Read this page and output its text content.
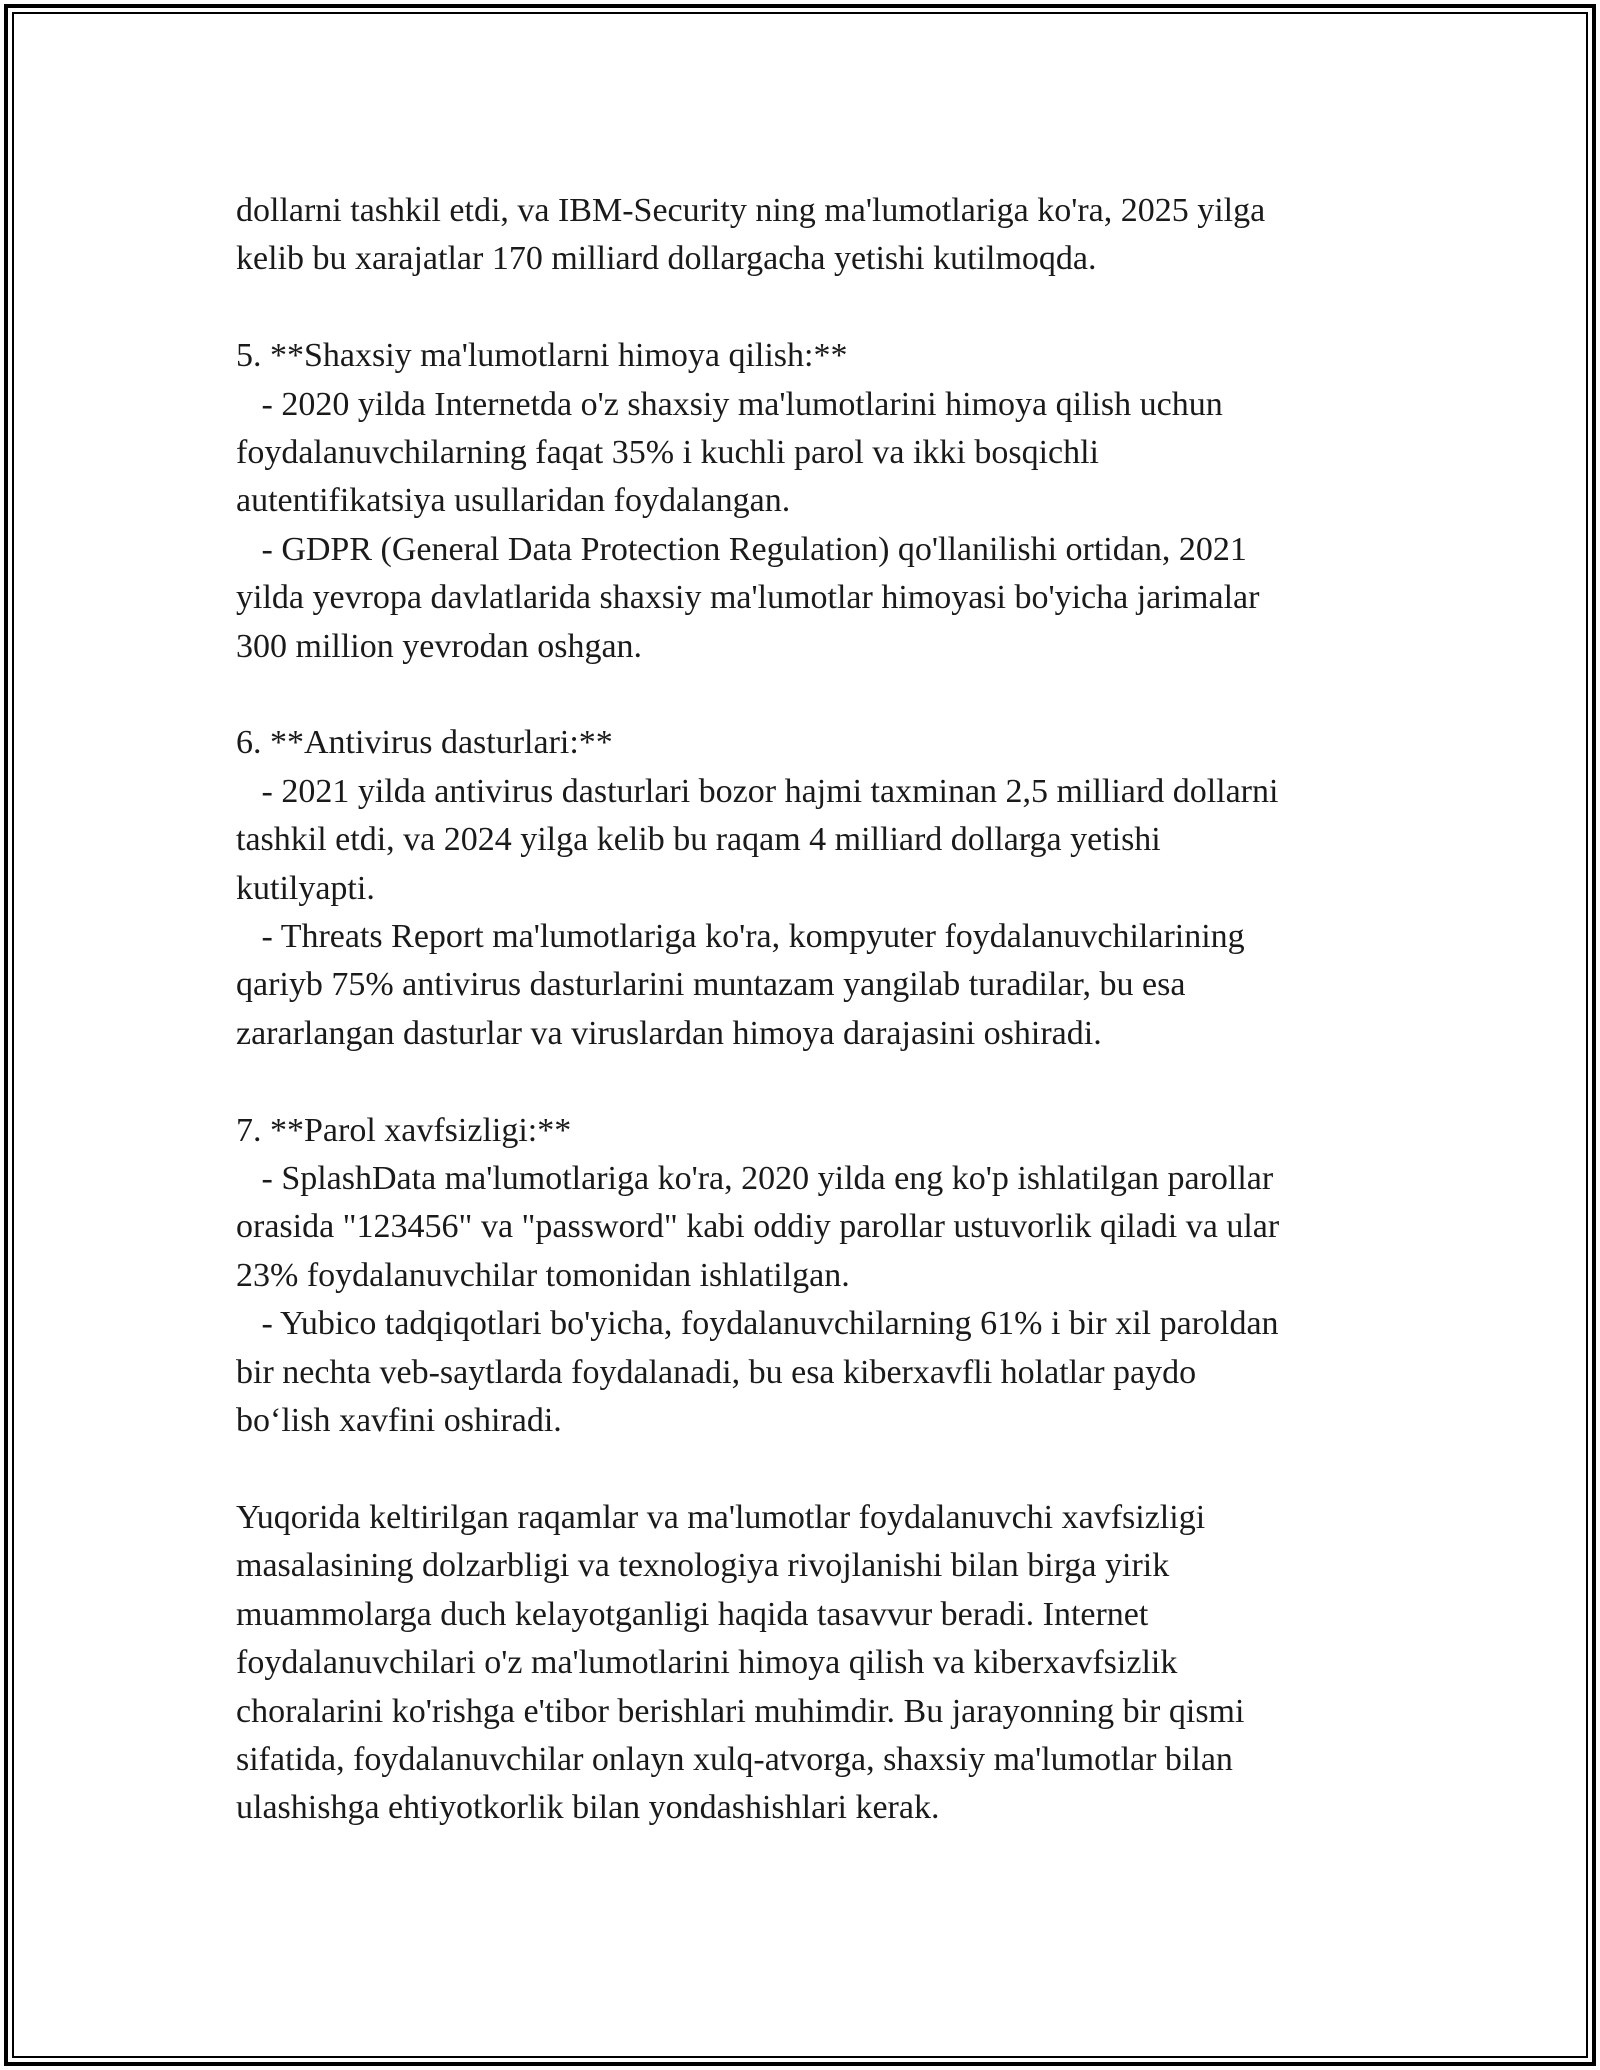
dollarni tashkil etdi, va IBM-Security ning ma'lumotlariga ko'ra, 2025 yilga

kelib bu xarajatlar 170 milliard dollargacha yetishi kutilmoqda.

5. **Shaxsiy ma'lumotlarni himoya qilish:**

- 2020 yilda Internetda o'z shaxsiy ma'lumotlarini himoya qilish uchun

foydalanuvchilarning faqat 35% i kuchli parol va ikki bosqichli

autentifikatsiya usullaridan foydalangan.

- GDPR (General Data Protection Regulation) qo'llanilishi ortidan, 2021

yilda yevropa davlatlarida shaxsiy ma'lumotlar himoyasi bo'yicha jarimalar

300 million yevrodan oshgan.

6. **Antivirus dasturlari:**

- 2021 yilda antivirus dasturlari bozor hajmi taxminan 2,5 milliard dollarni

tashkil etdi, va 2024 yilga kelib bu raqam 4 milliard dollarga yetishi

kutilyapti.

- Threats Report ma'lumotlariga ko'ra, kompyuter foydalanuvchilarining

qariyb 75% antivirus dasturlarini muntazam yangilab turadilar, bu esa

zararlangan dasturlar va viruslardan himoya darajasini oshiradi.

7. **Parol xavfsizligi:**

- SplashData ma'lumotlariga ko'ra, 2020 yilda eng ko'p ishlatilgan parollar

orasida "123456" va "password" kabi oddiy parollar ustuvorlik qiladi va ular

23% foydalanuvchilar tomonidan ishlatilgan.

- Yubico tadqiqotlari bo'yicha, foydalanuvchilarning 61% i bir xil paroldan

bir nechta veb-saytlarda foydalanadi, bu esa kiberxavfli holatlar paydo

bo‘lish xavfini oshiradi.

Yuqorida keltirilgan raqamlar va ma'lumotlar foydalanuvchi xavfsizligi

masalasining dolzarbligi va texnologiya rivojlanishi bilan birga yirik

muammolarga duch kelayotganligi haqida tasavvur beradi. Internet

foydalanuvchilari o'z ma'lumotlarini himoya qilish va kiberxavfsizlik

choralarini ko'rishga e'tibor berishlari muhimdir. Bu jarayonning bir qismi

sifatida, foydalanuvchilar onlayn xulq-atvorga, shaxsiy ma'lumotlar bilan

ulashishga ehtiyotkorlik bilan yondashishlari kerak.
